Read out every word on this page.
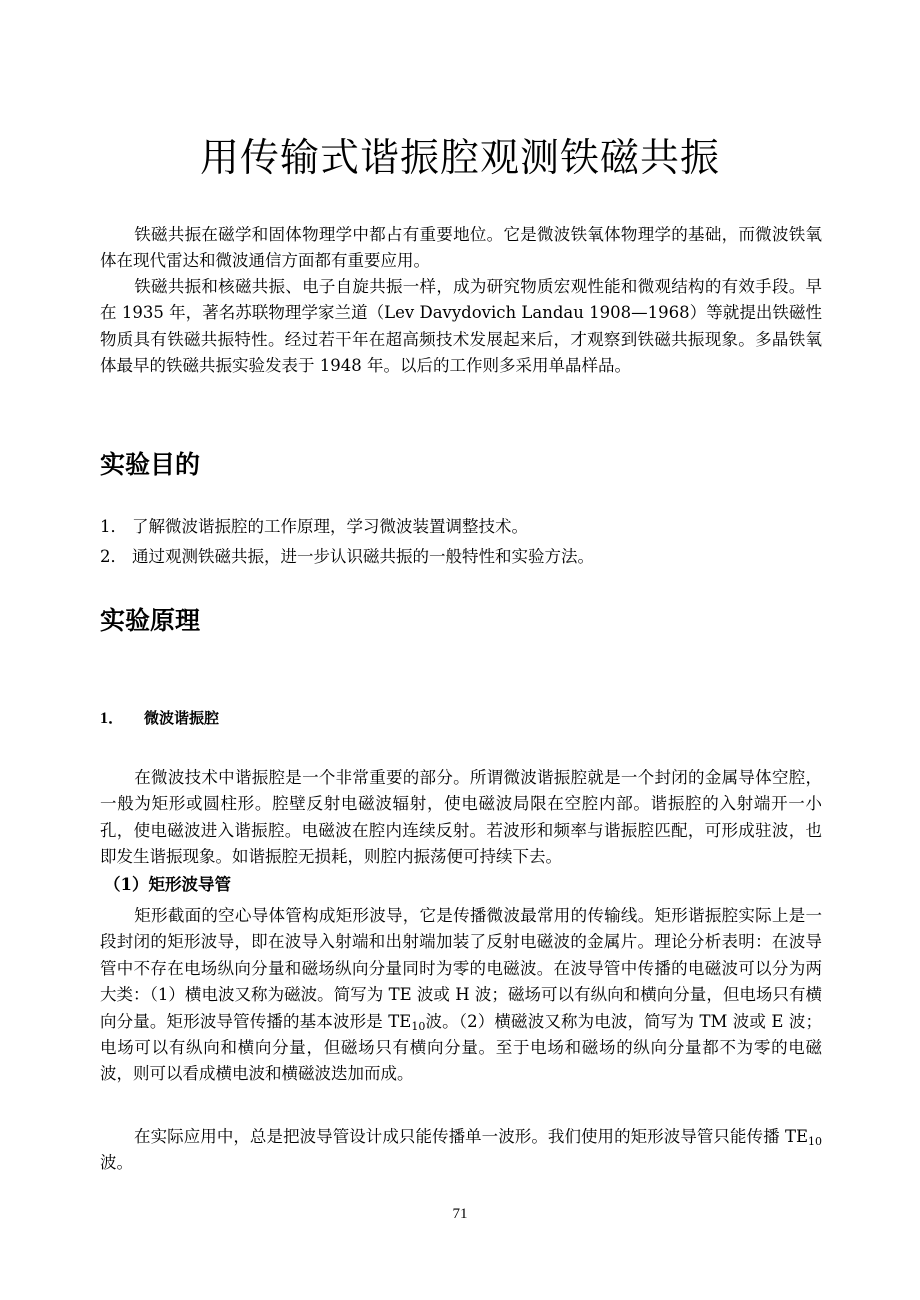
用传输式谐振腔观测铁磁共振

铁磁共振在磁学和固体物理学中都占有重要地位。它是微波铁氧体物理学的基础，而微波铁氧体在现代雷达和微波通信方面都有重要应用。

铁磁共振和核磁共振、电子自旋共振一样，成为研究物质宏观性能和微观结构的有效手段。早在 1935 年，著名苏联物理学家兰道（Lev Davydovich Landau 1908—1968）等就提出铁磁性物质具有铁磁共振特性。经过若干年在超高频技术发展起来后，才观察到铁磁共振现象。多晶铁氧体最早的铁磁共振实验发表于 1948 年。以后的工作则多采用单晶样品。

实验目的
1． 了解微波谐振腔的工作原理，学习微波装置调整技术。
2． 通过观测铁磁共振，进一步认识磁共振的一般特性和实验方法。
实验原理
1． 微波谐振腔

在微波技术中谐振腔是一个非常重要的部分。所谓微波谐振腔就是一个封闭的金属导体空腔，一般为矩形或圆柱形。腔壁反射电磁波辐射，使电磁波局限在空腔内部。谐振腔的入射端开一小孔，使电磁波进入谐振腔。电磁波在腔内连续反射。若波形和频率与谐振腔匹配，可形成驻波，也即发生谐振现象。如谐振腔无损耗，则腔内振荡便可持续下去。

（1）矩形波导管

矩形截面的空心导体管构成矩形波导，它是传播微波最常用的传输线。矩形谐振腔实际上是一段封闭的矩形波导，即在波导入射端和出射端加装了反射电磁波的金属片。理论分析表明：在波导管中不存在电场纵向分量和磁场纵向分量同时为零的电磁波。在波导管中传播的电磁波可以分为两大类：（1）横电波又称为磁波。简写为 TE 波或 H 波；磁场可以有纵向和横向分量，但电场只有横向分量。矩形波导管传播的基本波形是 $TE_{10}$波。（2）横磁波又称为电波，简写为 TM 波或 E 波；电场可以有纵向和横向分量，但磁场只有横向分量。至于电场和磁场的纵向分量都不为零的电磁波，则可以看成横电波和横磁波迭加而成。

在实际应用中，总是把波导管设计成只能传播单一波形。我们使用的矩形波导管只能传播 $TE_{10}$波。

71
